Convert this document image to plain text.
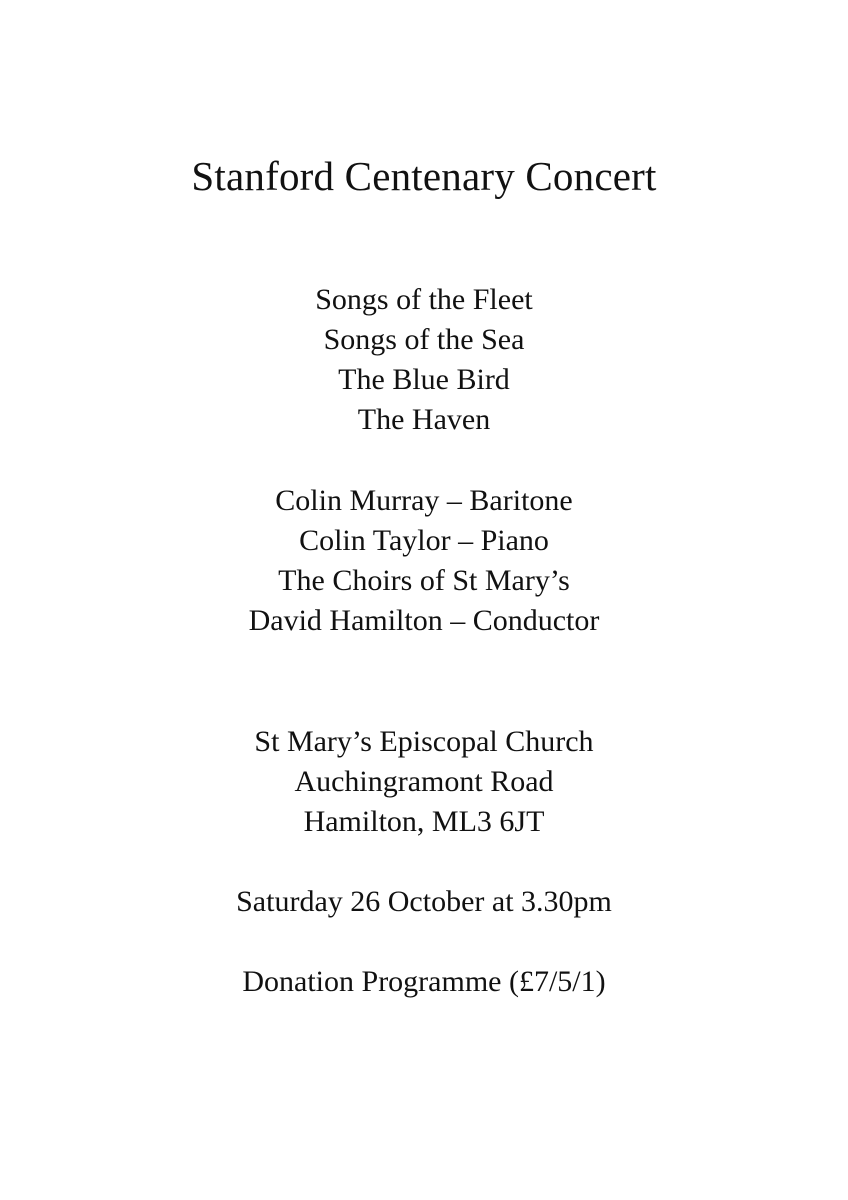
Stanford Centenary Concert
Songs of the Fleet
Songs of the Sea
The Blue Bird
The Haven
Colin Murray – Baritone
Colin Taylor – Piano
The Choirs of St Mary’s
David Hamilton – Conductor
St Mary’s Episcopal Church
Auchingramont Road
Hamilton, ML3 6JT
Saturday 26 October at 3.30pm
Donation Programme (£7/5/1)
